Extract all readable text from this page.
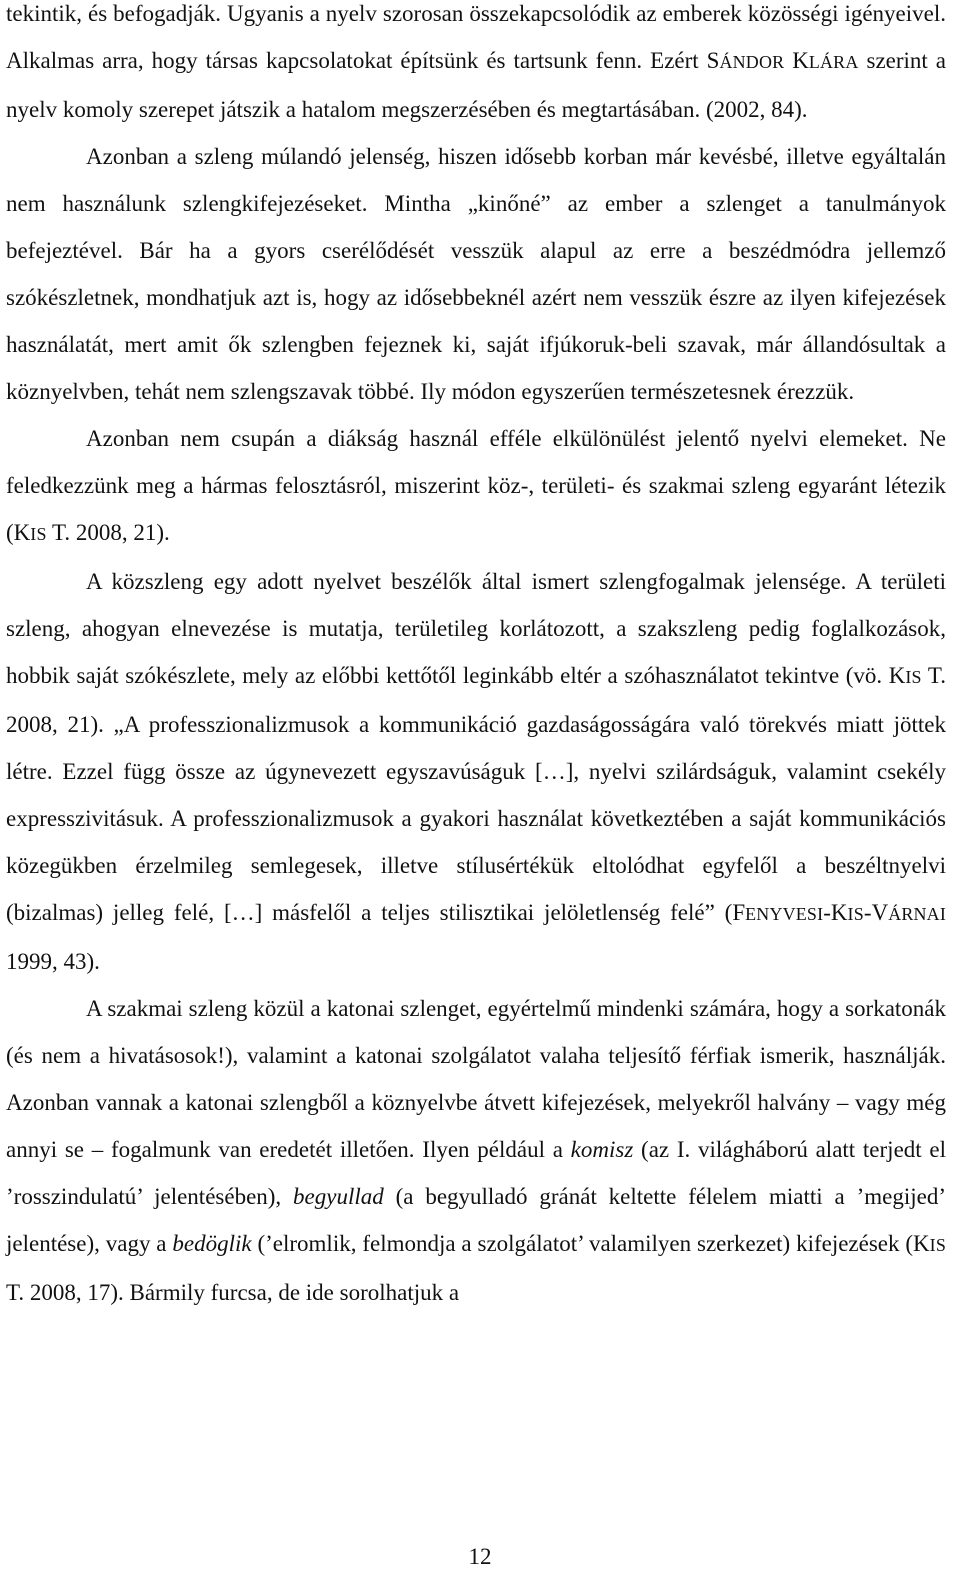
tekintik, és befogadják. Ugyanis a nyelv szorosan összekapcsolódik az emberek közösségi igényeivel. Alkalmas arra, hogy társas kapcsolatokat építsünk és tartsunk fenn. Ezért SÁNDOR KLÁRA szerint a nyelv komoly szerepet játszik a hatalom megszerzésében és megtartásában. (2002, 84).

Azonban a szleng múlandó jelenség, hiszen idősebb korban már kevésbé, illetve egyáltalán nem használunk szlengkifejezéseket. Mintha „kinőné” az ember a szlenget a tanulmányok befejeztével. Bár ha a gyors cserélődését vesszük alapul az erre a beszédmódra jellemző szókészletnek, mondhatjuk azt is, hogy az idősebbeknél azért nem vesszük észre az ilyen kifejezések használatát, mert amit ők szlengben fejeznek ki, saját ifjúkoruk-beli szavak, már állandósultak a köznyelvben, tehát nem szlengszavak többé. Ily módon egyszerűen természetesnek érezzük.

Azonban nem csupán a diákság használ efféle elkülönülést jelentő nyelvi elemeket. Ne feledkezzünk meg a hármas felosztásról, miszerint köz-, területi- és szakmai szleng egyaránt létezik (KIS T. 2008, 21).

A közszleng egy adott nyelvet beszélők által ismert szlengfogalmak jelensége. A területi szleng, ahogyan elnevezése is mutatja, területileg korlátozott, a szakszleng pedig foglalkozások, hobbik saját szókészlete, mely az előbbi kettőtől leginkább eltér a szóhasználatot tekintve (vö. KIS T. 2008, 21). „A professzionalizmusok a kommunikáció gazdaságosságára való törekvés miatt jöttek létre. Ezzel függ össze az úgynevezett egyszavúságuk […], nyelvi szilárdságuk, valamint csekély expresszivitásuk. A professzionalizmusok a gyakori használat következtében a saját kommunikációs közegükben érzelmileg semlegesek, illetve stílusértékük eltolódhat egyfelől a beszéltnyelvi (bizalmas) jelleg felé, […] másfelől a teljes stilisztikai jelöletlenség felé” (FENYVESI-KIS-VÁRNAI 1999, 43).

A szakmai szleng közül a katonai szlenget, egyértelmű mindenki számára, hogy a sorkatonák (és nem a hivatásosok!), valamint a katonai szolgálatot valaha teljesítő férfiak ismerik, használják. Azonban vannak a katonai szlengből a köznyelvbe átvett kifejezések, melyekről halvány – vagy még annyi se – fogalmunk van eredetét illetően. Ilyen például a komisz (az I. világháború alatt terjedt el ’rosszindulatú’ jelentésében), begyullad (a begyulladó gránát keltette félelem miatti a ’megijed’ jelentése), vagy a bedöglik (’elromlik, felmondja a szolgálatot’ valamilyen szerkezet) kifejezések (KIS T. 2008, 17). Bármily furcsa, de ide sorolhatjuk a

12
